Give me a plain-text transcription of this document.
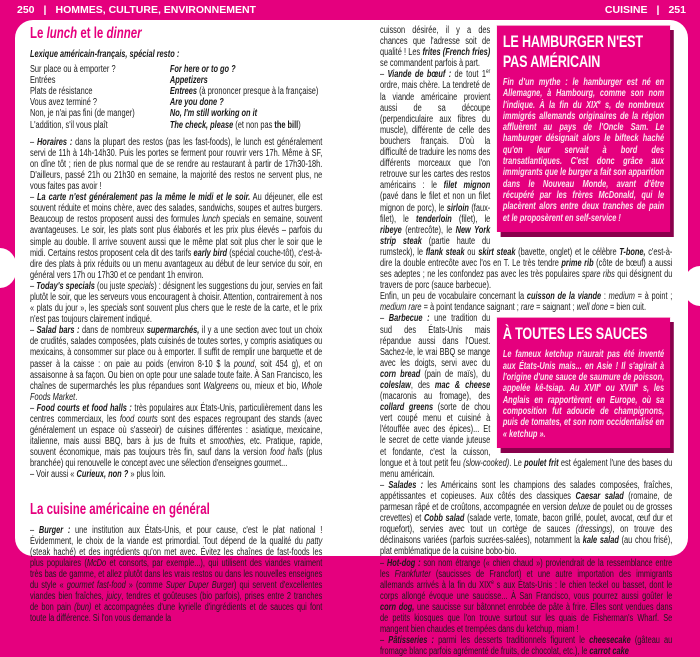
250 | HOMMES, CULTURE, ENVIRONNEMENT	CUISINE | 251
Le lunch et le dinner
Lexique américain-français, spécial resto :
Sur place ou à emporter ?	For here or to go ?
Entrées	Appetizers
Plats de résistance	Entrees (à prononcer presque à la française)
Vous avez terminé ?	Are you done ?
Non, je n'ai pas fini (de manger)	No, I'm still working on it
L'addition, s'il vous plaît	The check, please (et non pas the bill)

– Horaires : dans la plupart des restos (pas les fast-foods), le lunch est généralement servi de 11h à 14h-14h30. Puis les portes se ferment pour rouvrir vers 17h. Même à SF, on dîne tôt ; rien de plus normal que de se rendre au restaurant à partir de 17h30-18h. D'ailleurs, passé 21h ou 21h30 en semaine, la majorité des restos ne servent plus, ne vous faites pas avoir !

– La carte n'est généralement pas la même le midi et le soir. Au déjeuner, elle est souvent réduite et moins chère, avec des salades, sandwichs, soupes et autres burgers. Beaucoup de restos proposent aussi des formules lunch specials en semaine, souvent avantageuses. Le soir, les plats sont plus élaborés et les prix plus élevés – parfois du simple au double. Il arrive souvent aussi que le même plat soit plus cher le soir que le midi. Certains restos proposent cela dit des tarifs early bird (spécial couche-tôt), c'est-à-dire des plats à prix réduits ou un menu avantageux au début de leur service du soir, en général vers 17h ou 17h30 et ce pendant 1h environ.

– Today's specials (ou juste specials) : désignent les suggestions du jour, servies en fait plutôt le soir, que les serveurs vous encouragent à choisir. Attention, contrairement à nos « plats du jour », les specials sont souvent plus chers que le reste de la carte, et le prix n'est pas toujours clairement indiqué.

– Salad bars : dans de nombreux supermarchés, il y a une section avec tout un choix de crudités, salades composées, plats cuisinés de toutes sortes, y compris asiatiques ou mexicains, à consommer sur place ou à emporter. Il suffit de remplir une barquette et de passer à la caisse : on paie au poids (environ 8-10 $ la pound, soit 454 g), et on assaisonne à sa façon. Ou bien on opte pour une salade toute faite. À San Francisco, les chaînes de supermarchés les plus répandues sont Walgreens ou, mieux et bio, Whole Foods Market.

– Food courts et food halls : très populaires aux États-Unis, particulièrement dans les centres commerciaux, les food courts sont des espaces regroupant des stands (avec généralement un espace où s'asseoir) de cuisines différentes : asiatique, mexicaine, italienne, mais aussi BBQ, bars à jus de fruits et smoothies, etc. Pratique, rapide, souvent économique, mais pas toujours très fin, sauf dans la version food halls (plus branchée) qui renouvelle le concept avec une sélection d'enseignes gourmet...

– Voir aussi « Curieux, non ? » plus loin.

La cuisine américaine en général

– Burger : une institution aux États-Unis, et pour cause, c'est le plat national ! Évidemment, le choix de la viande est primordial. Tout dépend de la qualité du patty (steak haché) et des ingrédients qu'on met avec. Évitez les chaînes de fast-foods les plus populaires (McDo et consorts, par exemple...), qui utilisent des viandes vraiment très bas de gamme, et allez plutôt dans les vrais restos ou dans les nouvelles enseignes du style « gourmet fast-food » (comme Super Duper Burger) qui servent d'excellentes viandes bien fraîches, juicy, tendres et goûteuses (bio parfois), prises entre 2 tranches de bon pain (bun) et accompagnées d'une kyrielle d'ingrédients et de sauces qui font toute la différence. Si l'on vous demande la

LE HAMBURGER N'EST PAS AMÉRICAIN

Fin d'un mythe : le hamburger est né en Allemagne, à Hambourg, comme son nom l'indique. À la fin du XIXe s, de nombreux immigrés allemands originaires de la région affluèrent au pays de l'Oncle Sam. Le hamburger désignait alors le bifteck haché qu'on leur servait à bord des transatlantiques. C'est donc grâce aux immigrants que le burger a fait son apparition dans le Nouveau Monde, avant d'être récupéré par les frères McDonald, qui le placèrent alors entre deux tranches de pain et le proposèrent en self-service !

cuisson désirée, il y a des chances que l'adresse soit de qualité ! Les frites (French fries) se commandent parfois à part.

– Viande de bœuf : de tout 1er ordre, mais chère. La tendreté de la viande américaine provient aussi de sa découpe (perpendiculaire aux fibres du muscle), différente de celle des bouchers français. D'où la difficulté de traduire les noms des différents morceaux que l'on retrouve sur les cartes des restos américains : le filet mignon (pavé dans le filet et non un filet mignon de porc), le sirloin (faux-filet), le tenderloin (filet), le ribeye (entrecôte), le New York strip steak (partie haute du rumsteck), le flank steak ou skirt steak (bavette, onglet) et le célèbre T-bone, c'est-à-dire la double entrecôte avec l'os en T. Le très tendre prime rib (côte de bœuf) a aussi ses adeptes ; ne les confondez pas avec les très populaires spare ribs qui désignent du travers de porc (sauce barbecue).

Enfin, un peu de vocabulaire concernant la cuisson de la viande : medium = à point ; medium rare = à point tendance saignant ; rare = saignant ; well done = bien cuit.

À TOUTES LES SAUCES

Le fameux ketchup n'aurait pas été inventé aux États-Unis mais... en Asie ! Il s'agirait à l'origine d'une sauce de saumure de poisson, appelée kê-tsiap. Au XVIIe ou XVIIIe s, les Anglais en rapportèrent en Europe, où sa composition fut adoucie de champignons, puis de tomates, et son nom occidentalisé en « ketchup ».

– Barbecue : une tradition du sud des États-Unis mais répandue aussi dans l'Ouest. Sachez-le, le vrai BBQ se mange avec les doigts, servi avec du corn bread (pain de maïs), du coleslaw, des mac & cheese (macaronis au fromage), des collard greens (sorte de chou vert coupé menu et cuisiné à l'étouffée avec des épices)... Et le secret de cette viande juteuse et fondante, c'est la cuisson, longue et à tout petit feu (slow-cooked). Le poulet frit est également l'une des bases du menu américain.

– Salades : les Américains sont les champions des salades composées, fraîches, appétissantes et copieuses. Aux côtés des classiques Caesar salad (romaine, de parmesan râpé et de croûtons, accompagnée en version deluxe de poulet ou de grosses crevettes) et Cobb salad (salade verte, tomate, bacon grillé, poulet, avocat, œuf dur et roquefort), servies avec tout un cortège de sauces (dressings), on trouve des déclinaisons variées (parfois sucrées-salées), notamment la kale salad (au chou frisé), plat emblématique de la cuisine bobo-bio.

– Hot-dog : son nom étrange (« chien chaud ») proviendrait de la ressemblance entre les Frankfurter (saucisses de Francfort) et une autre importation des immigrants allemands arrivés à la fin du XIXe s aux États-Unis : le chien teckel ou basset, dont le corps allongé évoque une saucisse... À San Francisco, vous pourrez aussi goûter le corn dog, une saucisse sur bâtonnet enrobée de pâte à frire. Elles sont vendues dans de petits kiosques que l'on trouve surtout sur les quais de Fisherman's Wharf. Se mangent bien chaudes et trempées dans du ketchup, miam !

– Pâtisseries : parmi les desserts traditionnels figurent le cheesecake (gâteau au fromage blanc parfois agrémenté de fruits, de chocolat, etc.), le carrot cake
